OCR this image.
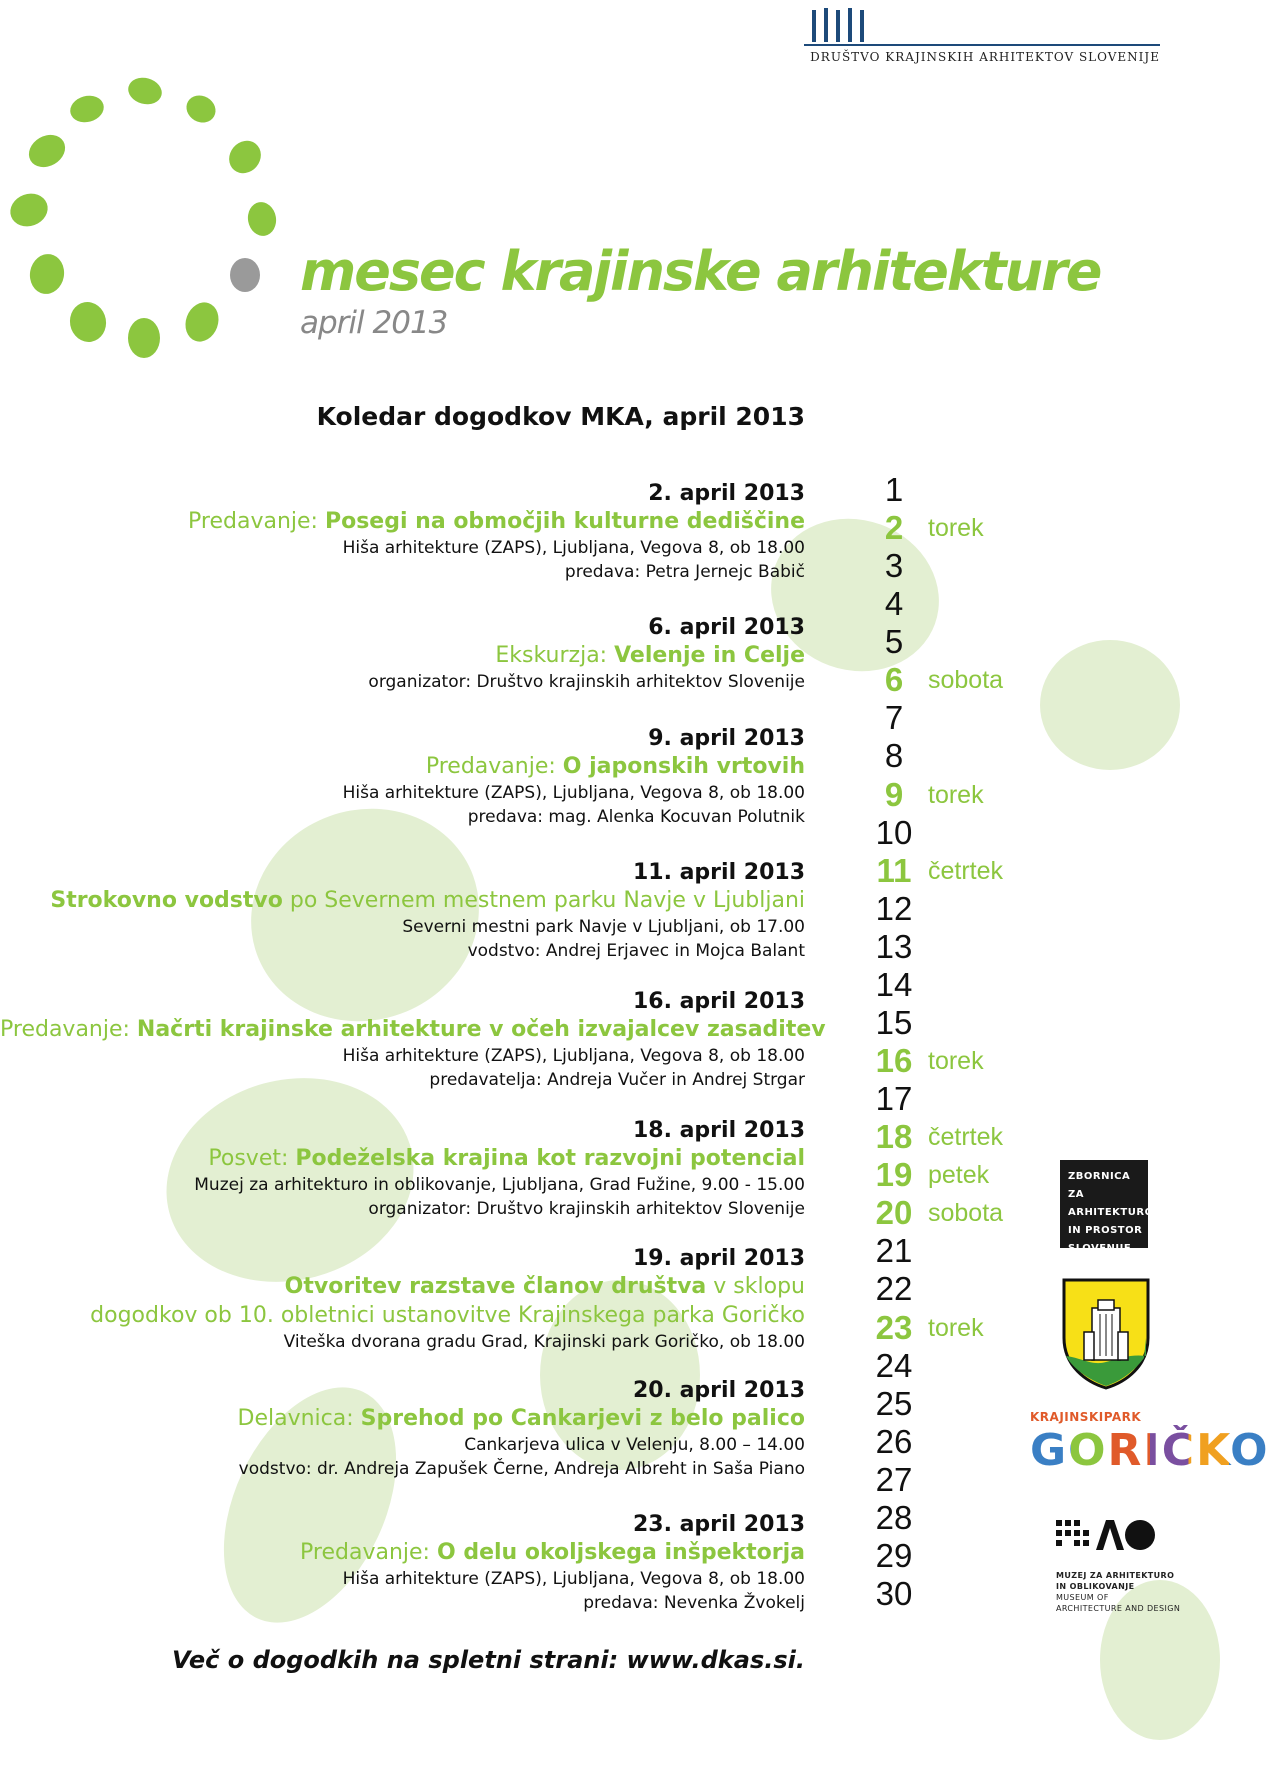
DRUŠTVO KRAJINSKIH ARHITEKTOV SLOVENIJE
mesec krajinske arhitekture
april 2013
Koledar dogodkov MKA, april 2013
2. april 2013
Predavanje: Posegi na območjih kulturne dediščine
Hiša arhitekture (ZAPS), Ljubljana, Vegova 8, ob 18.00
predava: Petra Jernejc Babič
6. april 2013
Ekskurzja: Velenje in Celje
organizator: Društvo krajinskih arhitektov Slovenije
9. april 2013
Predavanje: O japonskih vrtovih
Hiša arhitekture (ZAPS), Ljubljana, Vegova 8, ob 18.00
predava: mag. Alenka Kocuvan Polutnik
11. april 2013
Strokovno vodstvo po Severnem mestnem parku Navje v Ljubljani
Severni mestni park Navje v Ljubljani, ob 17.00
vodstvo: Andrej Erjavec in Mojca Balant
16. april 2013
Predavanje: Načrti krajinske arhitekture v očeh izvajalcev zasaditev
Hiša arhitekture (ZAPS), Ljubljana, Vegova 8, ob 18.00
predavatelja: Andreja Vučer in Andrej Strgar
18. april 2013
Posvet: Podeželska krajina kot razvojni potencial
Muzej za arhitekturo in oblikovanje, Ljubljana, Grad Fužine, 9.00 - 15.00
organizator: Društvo krajinskih arhitektov Slovenije
19. april 2013
Otvoritev razstave članov društva v sklopu
dogodkov ob 10. obletnici ustanovitve Krajinskega parka Goričko
Viteška dvorana gradu Grad, Krajinski park Goričko, ob 18.00
20. april 2013
Delavnica: Sprehod po Cankarjevi z belo palico
Cankarjeva ulica v Velenju, 8.00 – 14.00
vodstvo: dr. Andreja Zapušek Černe, Andreja Albreht in Saša Piano
23. april 2013
Predavanje: O delu okoljskega inšpektorja
Hiša arhitekture (ZAPS), Ljubljana, Vegova 8, ob 18.00
predava: Nevenka Žvokelj
1
2 torek
3
4
5
6 sobota
7
8
9 torek
10
11 četrtek
12
13
14
15
16 torek
17
18 četrtek
19 petek
20 sobota
21
22
23 torek
24
25
26
27
28
29
30
Več o dogodkih na spletni strani: www.dkas.si.
ZBORNICA ZA
ARHITEKTURO
IN PROSTOR
SLOVENIJE
KRAJINSKIPARK
GORIČKO
MUZEJ ZA ARHITEKTURO
IN OBLIKOVANJE
MUSEUM OF
ARCHITECTURE AND DESIGN
